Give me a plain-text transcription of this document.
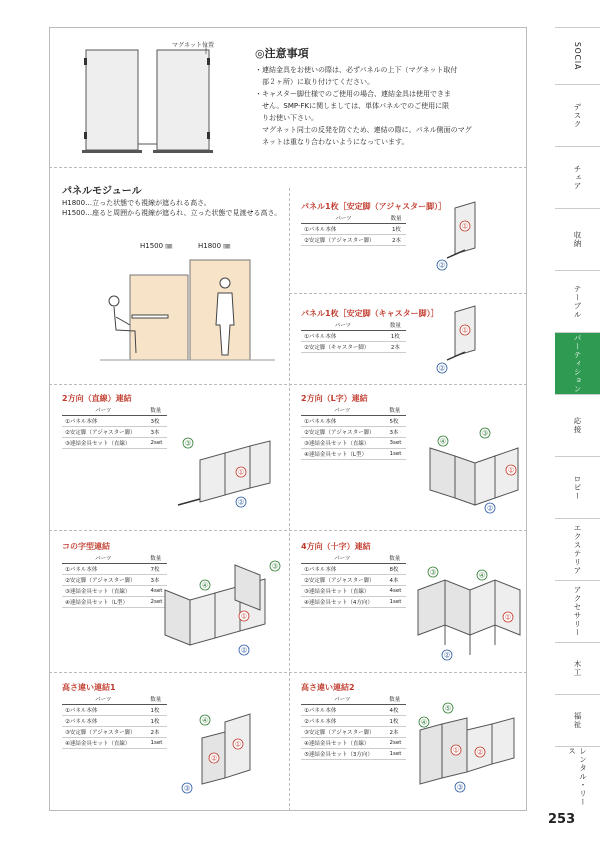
マグネット位置
◎注意事項
・連結金具をお使いの際は、必ずパネルの上下（マグネット取付
　部２ヶ所）に取り付けてください。
・キャスター脚仕様でのご使用の場合、連結金具は使用できま
　せん。SMP-FKに関しましては、単体パネルでのご使用に限
　りお使い下さい。
　マグネット同士の反発を防ぐため、連結の際に、パネル側面のマグ
　ネットは重なり合わないようになっています。
パネルモジュール
H1800…立った状態でも視線が遮られる高さ。
H1500…座ると周囲から視線が遮られ、立った状態で見渡せる高さ。
H1500 ㎜	H1800 ㎜
パネル1枚［安定脚（アジャスター脚）］
パーツ	数量
①パネル本体	1枚
②安定脚（アジャスター脚）	2本
①
②
パネル1枚［安定脚（キャスター脚）］
パーツ	数量
①パネル本体	1枚
②安定脚（キャスター脚）	2本
①
②
2方向（直線）連結
パーツ	数量
①パネル本体	3枚
②安定脚（アジャスター脚）	3本
③連結金具セット（直線）	2set	③
①
②
2方向（L字）連結
パーツ	数量
①パネル本体	5枚
②安定脚（アジャスター脚）	3本
③連結金具セット（直線）	3set
④連結金具セット（L型）	1set
④
③
①
②
コの字型連結
パーツ	数量
①パネル本体	7枚
②安定脚（アジャスター脚）	3本
③連結金具セット（直線）	4set
④連結金具セット（L型）	2set
④
③
①
②
4方向（十字）連結
パーツ	数量
①パネル本体	8枚
②安定脚（アジャスター脚）	4本
③連結金具セット（直線）	4set
④連結金具セット（4方向）	1set
③	④
①
②
高さ違い連結1
パーツ	数量
①パネル本体	1枚
②パネル本体	1枚
③安定脚（アジャスター脚）	2本
④連結金具セット（直線）	1set
④
①
②
③
高さ違い連結2
パーツ	数量
①パネル本体	4枚
②パネル本体	1枚
③安定脚（アジャスター脚）	2本
④連結金具セット（直線）	2set
⑤連結金具セット（3方向）	1set
④
⑤
①	②
③
SOCIA
デスク
チェア
収納
テーブル
パーティション
応接
ロビー
エクステリア
アクセサリー
木工
福祉
レンタル・リース
253
